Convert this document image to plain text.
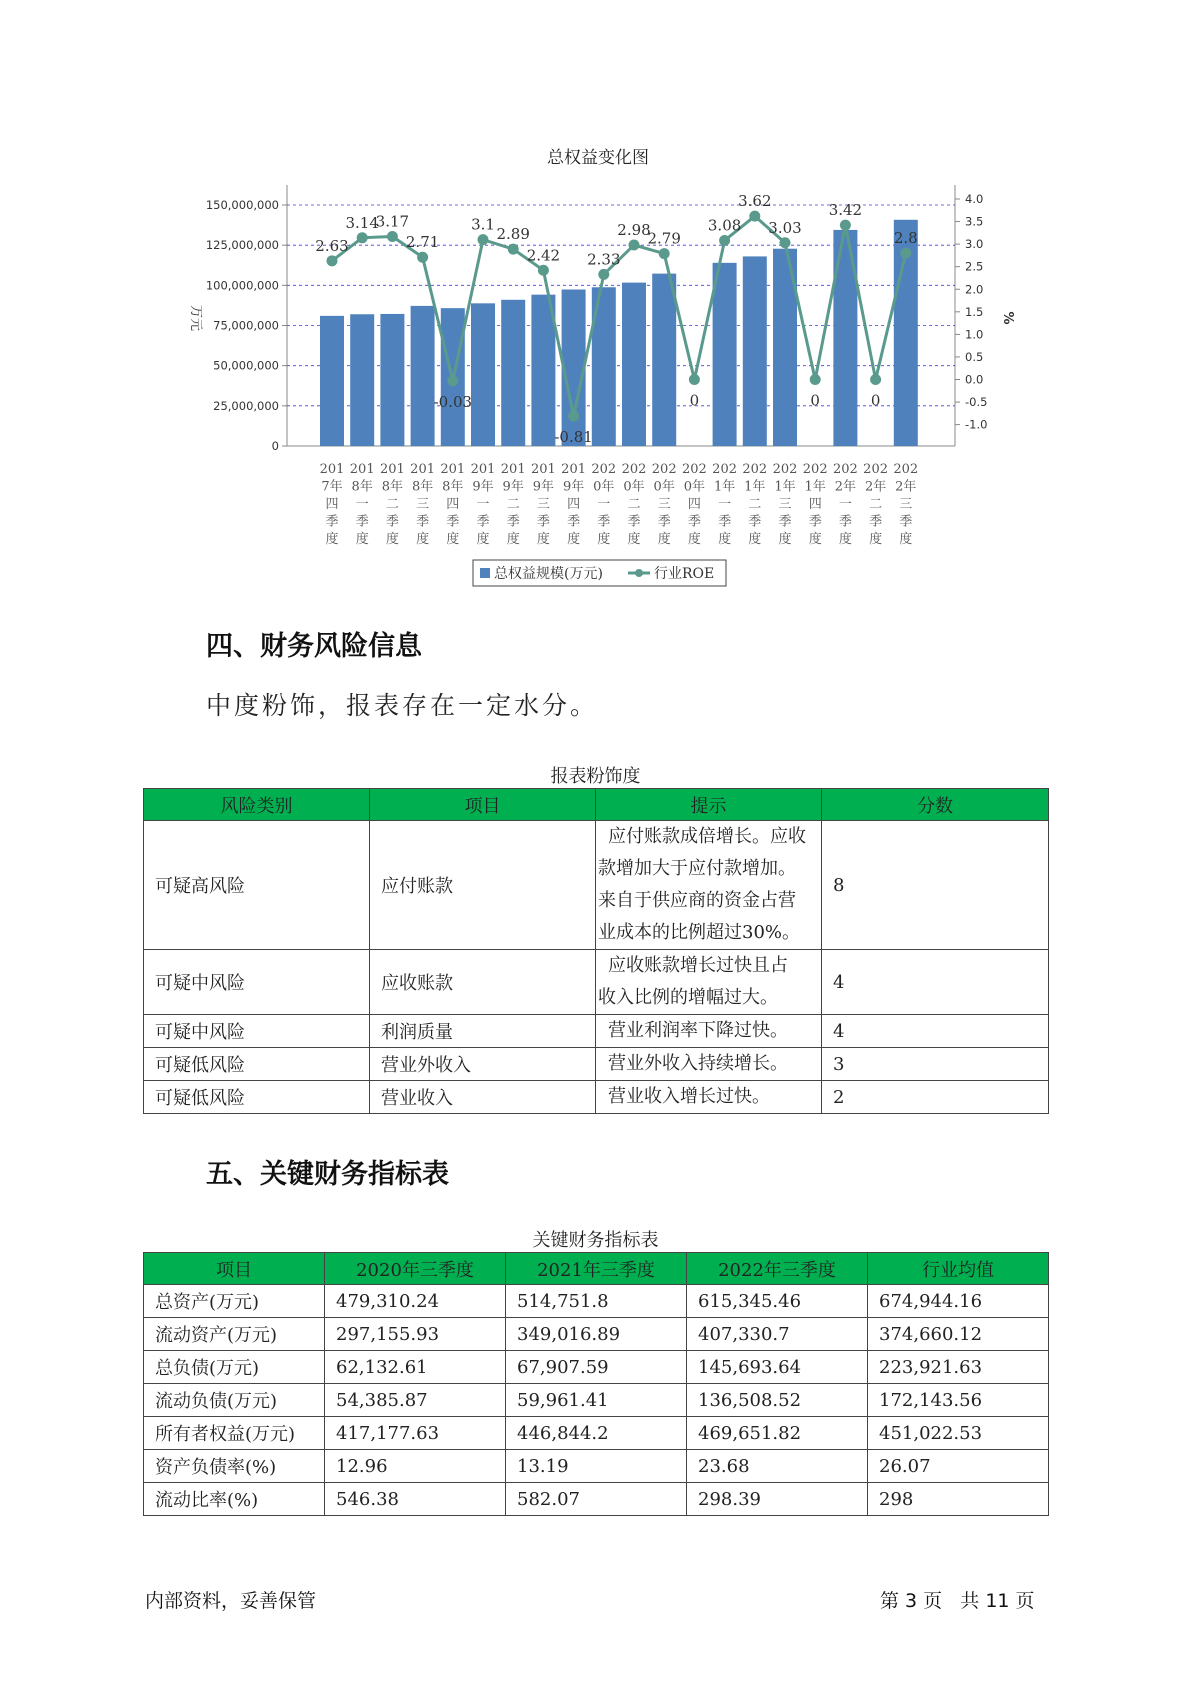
总权益变化图
0
25,000,000
50,000,000
75,000,000
100,000,000
125,000,000
150,000,000
-1.0
-0.5
0.0
0.5
1.0
1.5
2.0
2.5
3.0
3.5
4.0
万元	%
2.63
3.14
3.17
2.71
-0.03
3.1
2.89
2.42
-0.81
2.33
2.98
2.79
0
3.08
3.62
3.03
0
3.42
0
2.8
201
7年
四
季
度
201
8年
一
季
度
201
8年
二
季
度
201
8年
三
季
度
201
8年
四
季
度
201
9年
一
季
度
201
9年
二
季
度
201
9年
三
季
度
201
9年
四
季
度
202
0年
一
季
度
202
0年
二
季
度
202
0年
三
季
度
202
0年
四
季
度
202
1年
一
季
度
202
1年
二
季
度
202
1年
三
季
度
202
1年
四
季
度
202
2年
一
季
度
202
2年
二
季
度
202
2年
三
季
度
总权益规模(万元)	行业ROE
四、财务风险信息

中度粉饰，报表存在一定水分。

报表粉饰度
风险类别	项目	提示	分数
可疑高风险	应付账款	应付账款成倍增长。应收
款增加大于应付款增加。
来自于供应商的资金占营
业成本的比例超过30%。	8
可疑中风险	应收账款	应收账款增长过快且占
收入比例的增幅过大。	4
可疑中风险	利润质量	营业利润率下降过快。	4
可疑低风险	营业外收入	营业外收入持续增长。	3
可疑低风险	营业收入	营业收入增长过快。	2
五、关键财务指标表
关键财务指标表
项目	2020年三季度	2021年三季度	2022年三季度	行业均值
总资产(万元)	479,310.24	514,751.8	615,345.46	674,944.16
流动资产(万元)	297,155.93	349,016.89	407,330.7	374,660.12
总负债(万元)	62,132.61	67,907.59	145,693.64	223,921.63
流动负债(万元)	54,385.87	59,961.41	136,508.52	172,143.56
所有者权益(万元)	417,177.63	446,844.2	469,651.82	451,022.53
资产负债率(%)	12.96	13.19	23.68	26.07
流动比率(%)	546.38	582.07	298.39	298
内部资料，妥善保管	第 3 页   共 11 页
